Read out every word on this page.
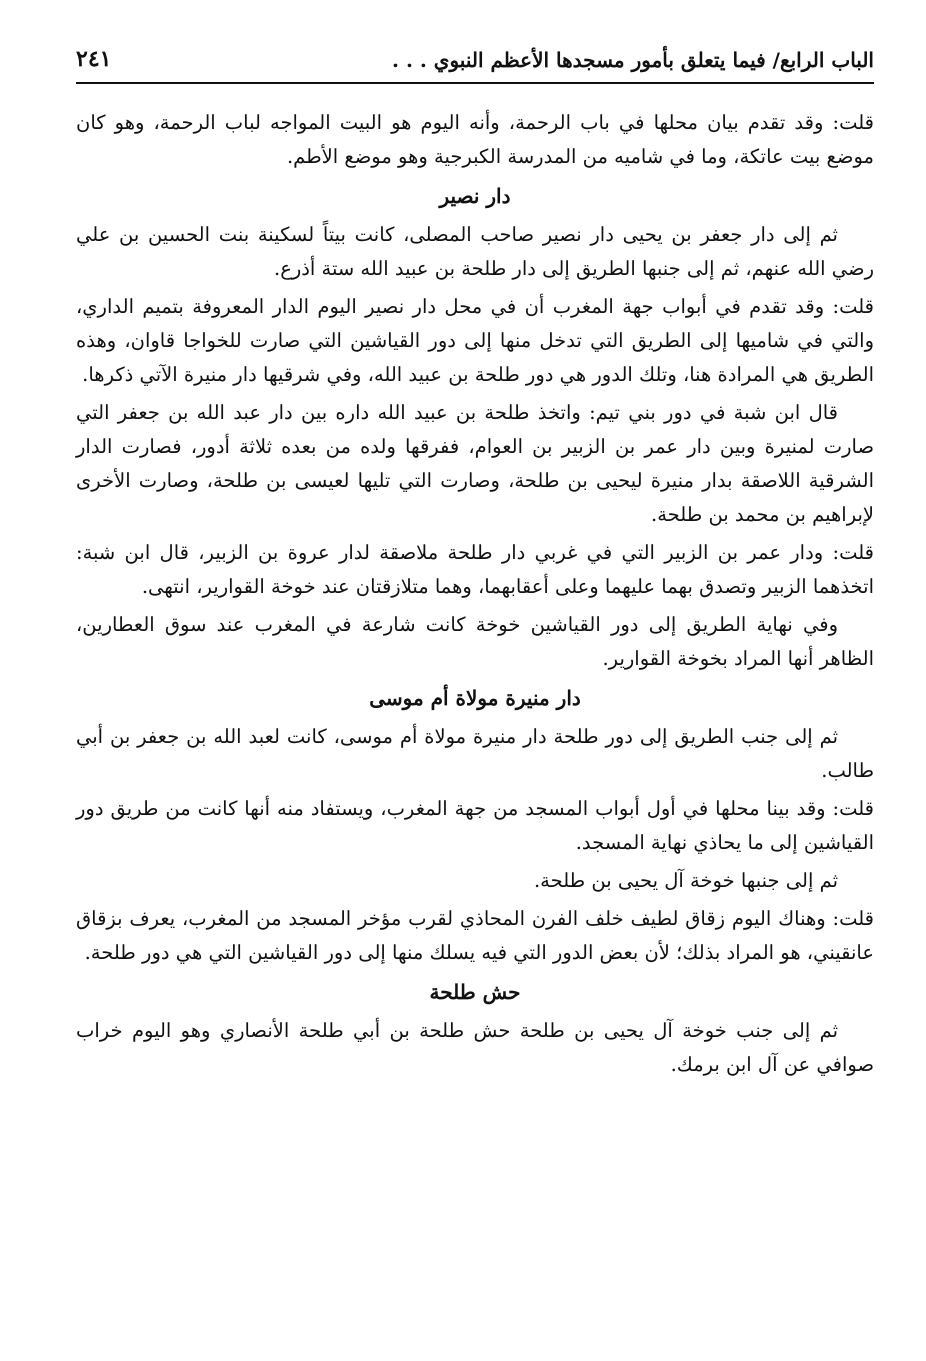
الباب الرابع/ فيما يتعلق بأمور مسجدها الأعظم النبوي . . .
٢٤١

قلت: وقد تقدم بيان محلها في باب الرحمة، وأنه اليوم هو البيت المواجه لباب الرحمة، وهو كان موضع بيت عاتكة، وما في شاميه من المدرسة الكبرجية وهو موضع الأطم.

دار نصير

ثم إلى دار جعفر بن يحيى دار نصير صاحب المصلى، كانت بيتاً لسكينة بنت الحسين بن علي رضي الله عنهم، ثم إلى جنبها الطريق إلى دار طلحة بن عبيد الله ستة أذرع.

قلت: وقد تقدم في أبواب جهة المغرب أن في محل دار نصير اليوم الدار المعروفة بتميم الداري، والتي في شاميها إلى الطريق التي تدخل منها إلى دور القياشين التي صارت للخواجا قاوان، وهذه الطريق هي المرادة هنا، وتلك الدور هي دور طلحة بن عبيد الله، وفي شرقيها دار منيرة الآتي ذكرها.

قال ابن شبة في دور بني تيم: واتخذ طلحة بن عبيد الله داره بين دار عبد الله بن جعفر التي صارت لمنيرة وبين دار عمر بن الزبير بن العوام، ففرقها ولده من بعده ثلاثة أدور، فصارت الدار الشرقية اللاصقة بدار منيرة ليحيى بن طلحة، وصارت التي تليها لعيسى بن طلحة، وصارت الأخرى لإبراهيم بن محمد بن طلحة.

قلت: ودار عمر بن الزبير التي في غربي دار طلحة ملاصقة لدار عروة بن الزبير، قال ابن شبة: اتخذهما الزبير وتصدق بهما عليهما وعلى أعقابهما، وهما متلازقتان عند خوخة القوارير، انتهى.

وفي نهاية الطريق إلى دور القياشين خوخة كانت شارعة في المغرب عند سوق العطارين، الظاهر أنها المراد بخوخة القوارير.

دار منيرة مولاة أم موسى

ثم إلى جنب الطريق إلى دور طلحة دار منيرة مولاة أم موسى، كانت لعبد الله بن جعفر بن أبي طالب.

قلت: وقد بينا محلها في أول أبواب المسجد من جهة المغرب، ويستفاد منه أنها كانت من طريق دور القياشين إلى ما يحاذي نهاية المسجد.

ثم إلى جنبها خوخة آل يحيى بن طلحة.

قلت: وهناك اليوم زقاق لطيف خلف الفرن المحاذي لقرب مؤخر المسجد من المغرب، يعرف بزقاق عانقيني، هو المراد بذلك؛ لأن بعض الدور التي فيه يسلك منها إلى دور القياشين التي هي دور طلحة.

حش طلحة

ثم إلى جنب خوخة آل يحيى بن طلحة حش طلحة بن أبي طلحة الأنصاري وهو اليوم خراب صوافي عن آل ابن برمك.
